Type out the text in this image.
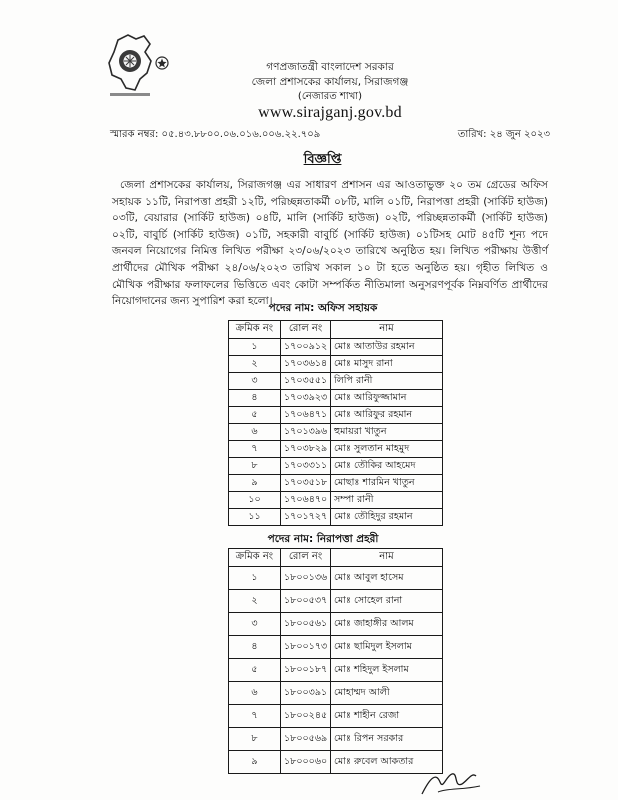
গণপ্রজাতন্ত্রী বাংলাদেশ সরকার
জেলা প্রশাসকের কার্যালয়, সিরাজগঞ্জ
(নেজারত শাখা)
www.sirajganj.gov.bd
স্মারক নম্বর: ০৫.৪৩.৮৮০০.০৬.০১৬.০০৬.২২.৭০৯	তারিখ: ২৪ জুন ২০২৩
বিজ্ঞপ্তি
জেলা প্রশাসকের কার্যালয়, সিরাজগঞ্জ এর সাধারণ প্রশাসন এর আওতাভুক্ত ২০ তম গ্রেডের অফিস সহায়ক ১১টি, নিরাপত্তা প্রহরী ১২টি, পরিচ্ছন্নতাকর্মী ০৮টি, মালি ০১টি, নিরাপত্তা প্রহরী (সার্কিট হাউজ) ০৩টি, বেয়ারার (সার্কিট হাউজ) ০৪টি, মালি (সার্কিট হাউজ) ০২টি, পরিচ্ছন্নতাকর্মী (সার্কিট হাউজ) ০২টি, বাবুর্চি (সার্কিট হাউজ) ০১টি, সহকারী বাবুর্চি (সার্কিট হাউজ) ০১টিসহ মোট ৪৫টি শূন্য পদে জনবল নিয়োগের নিমিত্ত লিখিত পরীক্ষা ২৩/০৬/২০২৩ তারিখে অনুষ্ঠিত হয়। লিখিত পরীক্ষায় উত্তীর্ণ প্রার্থীদের মৌখিক পরীক্ষা ২৪/০৬/২০২৩ তারিখ সকাল ১০ টা হতে অনুষ্ঠিত হয়। গৃহীত লিখিত ও মৌখিক পরীক্ষার ফলাফলের ভিত্তিতে এবং কোটা সম্পর্কিত নীতিমালা অনুসরণপূর্বক নিম্নবর্ণিত প্রার্থীদের নিয়োগদানের জন্য সুপারিশ করা হলো।
পদের নাম: অফিস সহায়ক
ক্রমিক নং	রোল নং	নাম
১	১৭০০৯১২	মোঃ আতাউর রহমান
২	১৭০৩৬১৪	মোঃ মাসুদ রানা
৩	১৭০৩৫৫১	লিপি রানী
৪	১৭০৩৯২৩	মোঃ আরিফুজ্জামান
৫	১৭০৬৪৭১	মোঃ আরিফুর রহমান
৬	১৭০১৩৯৬	হুমায়রা খাতুন
৭	১৭০৩৮২৯	মোঃ সুলতান মাহমুদ
৮	১৭০৩৩১১	মোঃ তৌকির আহমেদ
৯	১৭০৩৫১৮	মোছাঃ শারমিন খাতুন
১০	১৭০৬৪৭০	সম্পা রানী
১১	১৭০১৭২৭	মোঃ তৌহিদুর রহমান
পদের নাম: নিরাপত্তা প্রহরী
ক্রমিক নং	রোল নং	নাম
১	১৮০০১৩৬	মোঃ আবুল হাসেম
২	১৮০০৫৩৭	মোঃ সোহেল রানা
৩	১৮০০৫৬১	মোঃ জাহাঙ্গীর আলম
৪	১৮০০১৭৩	মোঃ ছামিদুল ইসলাম
৫	১৮০০১৮৭	মোঃ শহিদুল ইসলাম
৬	১৮০০৩৯১	মোহাম্মদ আলী
৭	১৮০০২৪৫	মোঃ শাহীন রেজা
৮	১৮০০৫৬৯	মোঃ রিপন সরকার
৯	১৮০০০৬০	মোঃ রুবেল আকতার
